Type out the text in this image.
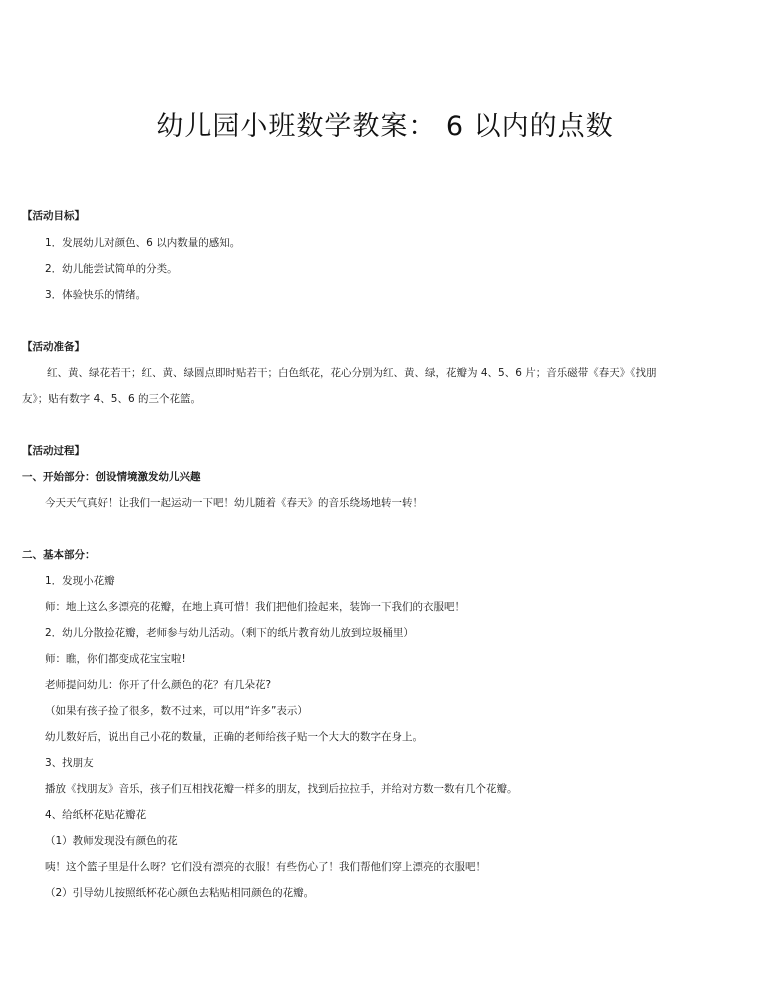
幼儿园小班数学教案： 6 以内的点数
【活动目标】
1．发展幼儿对颜色、6 以内数量的感知。
2．幼儿能尝试简单的分类。
3．体验快乐的情绪。
【活动准备】
红、黄、绿花若干；红、黄、绿圆点即时贴若干；白色纸花，花心分别为红、黄、绿，花瓣为 4、5、6 片；音乐磁带《春天》《找朋
友》；贴有数字 4、5、6 的三个花篮。
【活动过程】
一、开始部分：创设情境激发幼儿兴趣
今天天气真好！让我们一起运动一下吧！幼儿随着《春天》的音乐绕场地转一转！
二、基本部分：
1．发现小花瓣
师：地上这么多漂亮的花瓣，在地上真可惜！我们把他们捡起来，装饰一下我们的衣服吧！
2．幼儿分散捡花瓣，老师参与幼儿活动。（剩下的纸片教育幼儿放到垃圾桶里）
师：瞧，你们都变成花宝宝啦!
老师提问幼儿：你开了什么颜色的花？有几朵花?
（如果有孩子捡了很多，数不过来，可以用“许多”表示）
幼儿数好后，说出自己小花的数量，正确的老师给孩子贴一个大大的数字在身上。
3、找朋友
播放《找朋友》音乐，孩子们互相找花瓣一样多的朋友，找到后拉拉手，并给对方数一数有几个花瓣。
4、给纸杯花贴花瓣花
（1）教师发现没有颜色的花
咦！这个篮子里是什么呀？它们没有漂亮的衣服！有些伤心了！我们帮他们穿上漂亮的衣服吧！
（2）引导幼儿按照纸杯花心颜色去粘贴相同颜色的花瓣。
